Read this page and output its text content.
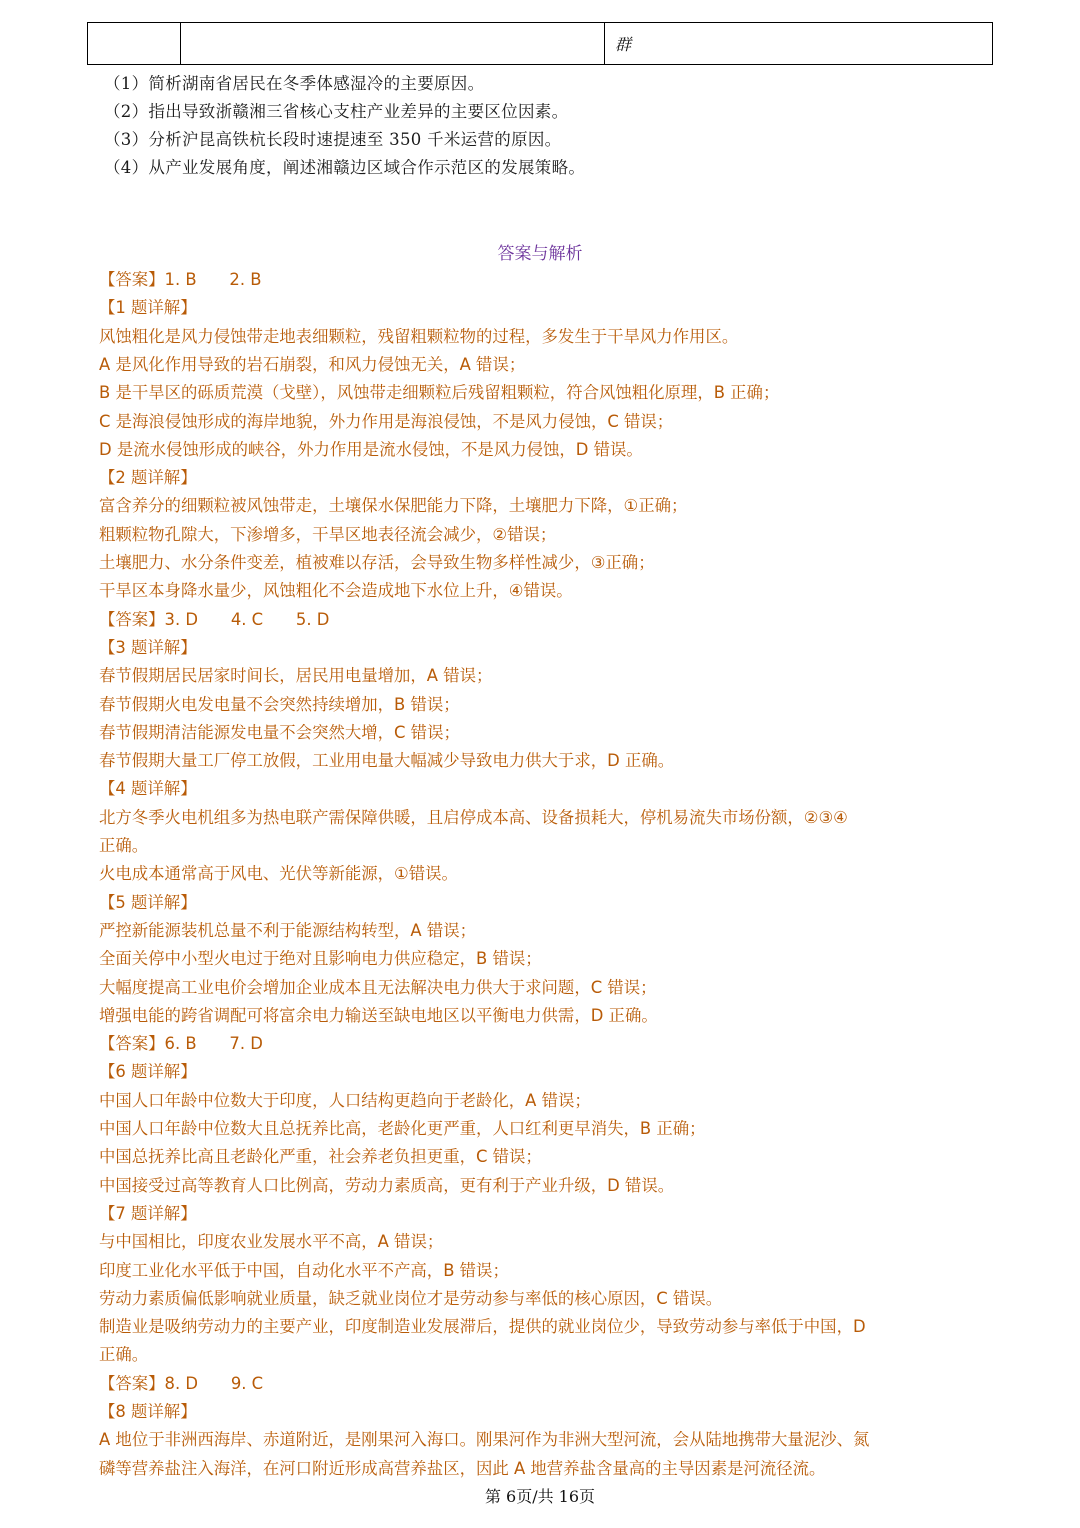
群
（1）简析湖南省居民在冬季体感湿冷的主要原因。
（2）指出导致浙赣湘三省核心支柱产业差异的主要区位因素。
（3）分析沪昆高铁杭长段时速提速至 350 千米运营的原因。
（4）从产业发展角度，阐述湘赣边区域合作示范区的发展策略。
答案与解析
【答案】1. B　　2. B
【1 题详解】
风蚀粗化是风力侵蚀带走地表细颗粒，残留粗颗粒物的过程，多发生于干旱风力作用区。
A 是风化作用导致的岩石崩裂，和风力侵蚀无关，A 错误；
B 是干旱区的砾质荒漠（戈壁），风蚀带走细颗粒后残留粗颗粒，符合风蚀粗化原理，B 正确；
C 是海浪侵蚀形成的海岸地貌，外力作用是海浪侵蚀，不是风力侵蚀，C 错误；
D 是流水侵蚀形成的峡谷，外力作用是流水侵蚀，不是风力侵蚀，D 错误。
【2 题详解】
富含养分的细颗粒被风蚀带走，土壤保水保肥能力下降，土壤肥力下降，①正确；
粗颗粒物孔隙大，下渗增多，干旱区地表径流会减少，②错误；
土壤肥力、水分条件变差，植被难以存活，会导致生物多样性减少，③正确；
干旱区本身降水量少，风蚀粗化不会造成地下水位上升，④错误。
【答案】3. D　　4. C　　5. D
【3 题详解】
春节假期居民居家时间长，居民用电量增加，A 错误；
春节假期火电发电量不会突然持续增加，B 错误；
春节假期清洁能源发电量不会突然大增，C 错误；
春节假期大量工厂停工放假，工业用电量大幅减少导致电力供大于求，D 正确。
【4 题详解】
北方冬季火电机组多为热电联产需保障供暖，且启停成本高、设备损耗大，停机易流失市场份额，②③④
正确。
火电成本通常高于风电、光伏等新能源，①错误。
【5 题详解】
严控新能源装机总量不利于能源结构转型，A 错误；
全面关停中小型火电过于绝对且影响电力供应稳定，B 错误；
大幅度提高工业电价会增加企业成本且无法解决电力供大于求问题，C 错误；
增强电能的跨省调配可将富余电力输送至缺电地区以平衡电力供需，D 正确。
【答案】6. B　　7. D
【6 题详解】
中国人口年龄中位数大于印度，人口结构更趋向于老龄化，A 错误；
中国人口年龄中位数大且总抚养比高，老龄化更严重，人口红利更早消失，B 正确；
中国总抚养比高且老龄化严重，社会养老负担更重，C 错误；
中国接受过高等教育人口比例高，劳动力素质高，更有利于产业升级，D 错误。
【7 题详解】
与中国相比，印度农业发展水平不高，A 错误；
印度工业化水平低于中国，自动化水平不产高，B 错误；
劳动力素质偏低影响就业质量，缺乏就业岗位才是劳动参与率低的核心原因，C 错误。
制造业是吸纳劳动力的主要产业，印度制造业发展滞后，提供的就业岗位少，导致劳动参与率低于中国，D
正确。
【答案】8. D　　9. C
【8 题详解】
A 地位于非洲西海岸、赤道附近，是刚果河入海口。刚果河作为非洲大型河流，会从陆地携带大量泥沙、氮
磷等营养盐注入海洋，在河口附近形成高营养盐区，因此 A 地营养盐含量高的主导因素是河流径流。
第 6页/共 16页
